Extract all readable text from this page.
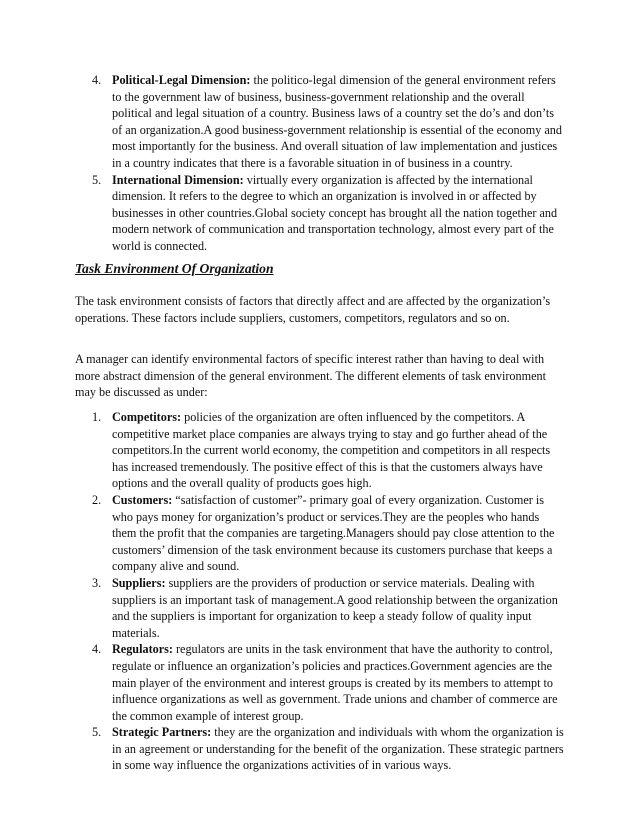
4. Political-Legal Dimension: the politico-legal dimension of the general environment refers to the government law of business, business-government relationship and the overall political and legal situation of a country. Business laws of a country set the do’s and don’ts of an organization.A good business-government relationship is essential of the economy and most importantly for the business. And overall situation of law implementation and justices in a country indicates that there is a favorable situation in of business in a country.

5. International Dimension: virtually every organization is affected by the international dimension. It refers to the degree to which an organization is involved in or affected by businesses in other countries.Global society concept has brought all the nation together and modern network of communication and transportation technology, almost every part of the world is connected.

Task Environment Of Organization

The task environment consists of factors that directly affect and are affected by the organization’s operations. These factors include suppliers, customers, competitors, regulators and so on.

A manager can identify environmental factors of specific interest rather than having to deal with more abstract dimension of the general environment. The different elements of task environment may be discussed as under:

1. Competitors: policies of the organization are often influenced by the competitors. A competitive market place companies are always trying to stay and go further ahead of the competitors.In the current world economy, the competition and competitors in all respects has increased tremendously. The positive effect of this is that the customers always have options and the overall quality of products goes high.

2. Customers: “satisfaction of customer”- primary goal of every organization. Customer is who pays money for organization’s product or services.They are the peoples who hands them the profit that the companies are targeting.Managers should pay close attention to the customers’ dimension of the task environment because its customers purchase that keeps a company alive and sound.

3. Suppliers: suppliers are the providers of production or service materials. Dealing with suppliers is an important task of management.A good relationship between the organization and the suppliers is important for organization to keep a steady follow of quality input materials.

4. Regulators: regulators are units in the task environment that have the authority to control, regulate or influence an organization’s policies and practices.Government agencies are the main player of the environment and interest groups is created by its members to attempt to influence organizations as well as government. Trade unions and chamber of commerce are the common example of interest group.

5. Strategic Partners: they are the organization and individuals with whom the organization is in an agreement or understanding for the benefit of the organization. These strategic partners in some way influence the organizations activities of in various ways.
